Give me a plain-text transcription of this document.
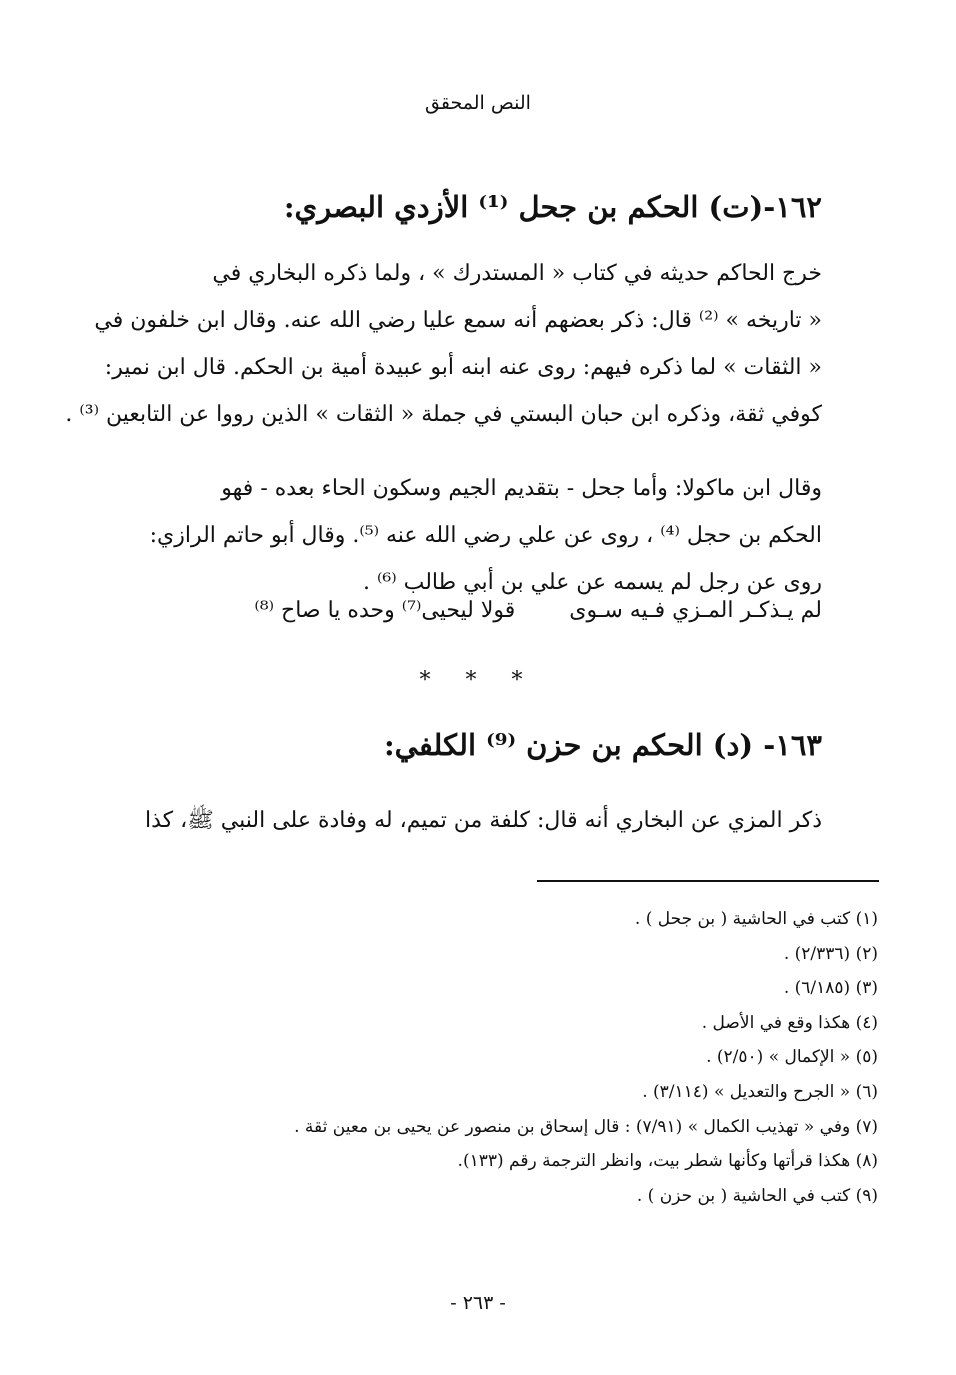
النص المحقق
١٦٢-(ت) الحكم بن جحل ⁽¹⁾ الأزدي البصري:
خرج الحاكم حديثه في كتاب « المستدرك » ، ولما ذكره البخاري في
« تاريخه » ⁽²⁾ قال: ذكر بعضهم أنه سمع عليا رضي الله عنه. وقال ابن خلفون في
« الثقات » لما ذكره فيهم: روى عنه ابنه أبو عبيدة أمية بن الحكم. قال ابن نمير:
كوفي ثقة، وذكره ابن حبان البستي في جملة « الثقات » الذين رووا عن التابعين ⁽³⁾ .
وقال ابن ماكولا: وأما جحل - بتقديم الجيم وسكون الحاء بعده - فهو
الحكم بن حجل ⁽⁴⁾ ، روى عن علي رضي الله عنه ⁽⁵⁾. وقال أبو حاتم الرازي:
روى عن رجل لم يسمه عن علي بن أبي طالب ⁽⁶⁾ .
لم يـذكـر المـزي فـيه سـوىقولا ليحيى⁽⁷⁾ وحده يا صاح ⁽⁸⁾
* * *
١٦٣- (د) الحكم بن حزن ⁽⁹⁾ الكلفي:
ذكر المزي عن البخاري أنه قال: كلفة من تميم، له وفادة على النبي ﷺ، كذا
(١) كتب في الحاشية ( بن جحل ) .
(٢) (٢/٣٣٦) .
(٣) (٦/١٨٥) .
(٤) هكذا وقع في الأصل .
(٥) « الإكمال » (٢/٥٠) .
(٦) « الجرح والتعديل » (٣/١١٤) .
(٧) وفي « تهذيب الكمال » (٧/٩١) : قال إسحاق بن منصور عن يحيى بن معين ثقة .
(٨) هكذا قرأتها وكأنها شطر بيت، وانظر الترجمة رقم (١٣٣).
(٩) كتب في الحاشية ( بن حزن ) .
- ٢٦٣ -
